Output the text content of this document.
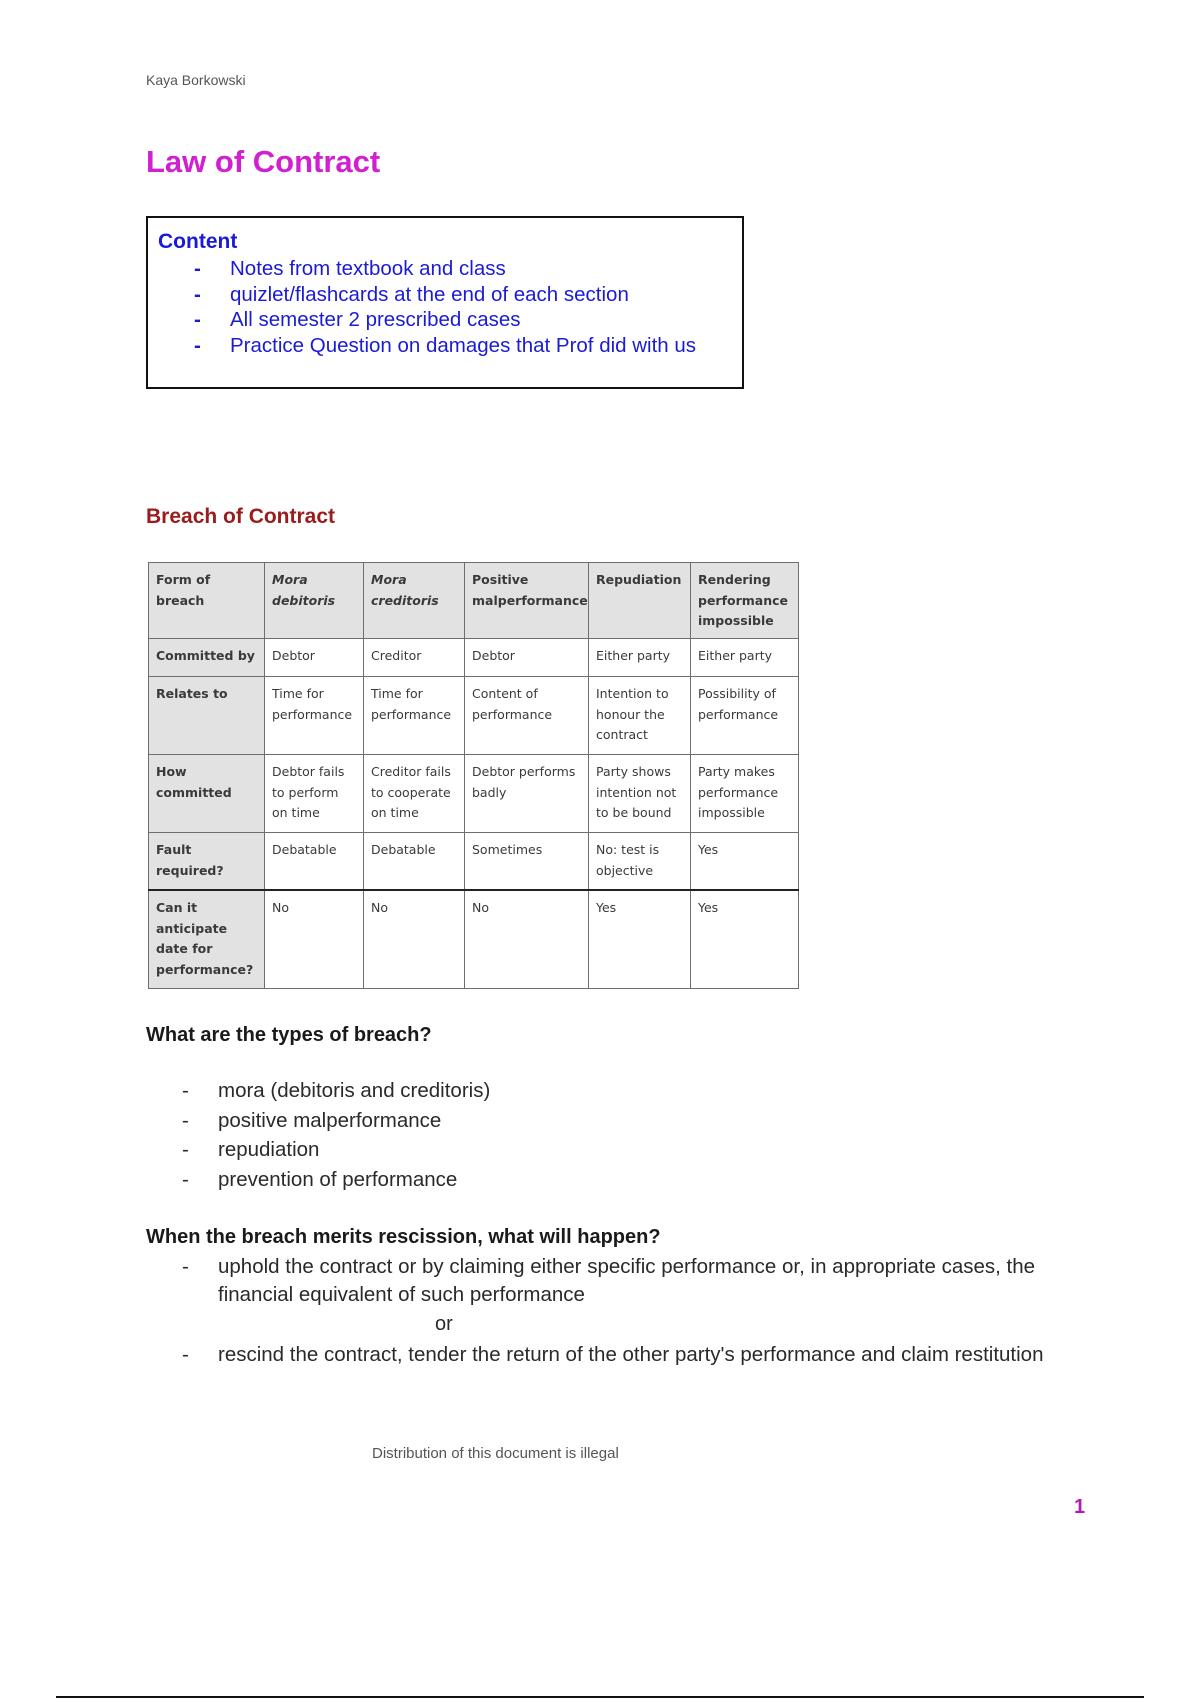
Kaya Borkowski
Law of Contract
Content
- Notes from textbook and class
- quizlet/flashcards at the end of each section
- All semester 2 prescribed cases
- Practice Question on damages that Prof did with us
Breach of Contract
Form of breach	Mora debitoris	Mora creditoris	Positive malperformance	Repudiation	Rendering performance impossible
Committed by	Debtor	Creditor	Debtor	Either party	Either party
Relates to	Time for performance	Time for performance	Content of performance	Intention to honour the contract	Possibility of performance
How committed	Debtor fails to perform on time	Creditor fails to cooperate on time	Debtor performs badly	Party shows intention not to be bound	Party makes performance impossible
Fault required?	Debatable	Debatable	Sometimes	No: test is objective	Yes
Can it anticipate date for performance?	No	No	No	Yes	Yes
What are the types of breach?
- mora (debitoris and creditoris)
- positive malperformance
- repudiation
- prevention of performance
When the breach merits rescission, what will happen?
- uphold the contract or by claiming either specific performance or, in appropriate cases, the financial equivalent of such performance
or
- rescind the contract, tender the return of the other party's performance and claim restitution
Distribution of this document is illegal
1
